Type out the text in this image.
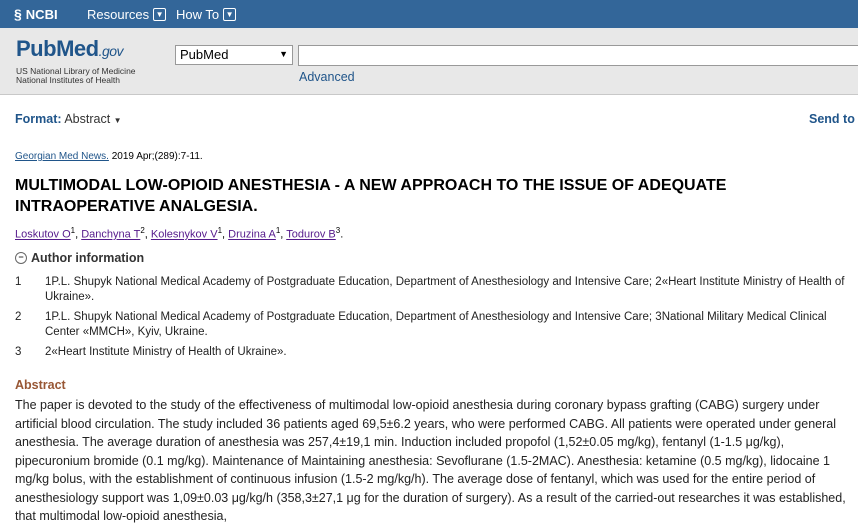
§ NCBI Resources ▼ How To ▼
PubMed.gov
US National Library of Medicine
National Institutes of Health
PubMed	▼
Advanced
Format: Abstract ▼	Send to
Georgian Med News. 2019 Apr;(289):7-11.
MULTIMODAL LOW-OPIOID ANESTHESIA - A NEW APPROACH TO THE ISSUE OF ADEQUATE INTRAOPERATIVE ANALGESIA.
Loskutov $O^1$, Danchyna $T^2$, Kolesnykov $V^1$, Druzina $A^1$, Todurov $B^3$.
− Author information
1 1P.L. Shupyk National Medical Academy of Postgraduate Education, Department of Anesthesiology and Intensive Care; 2«Heart Institute Ministry of Health of Ukraine».
2 1P.L. Shupyk National Medical Academy of Postgraduate Education, Department of Anesthesiology and Intensive Care; 3National Military Medical Clinical Center «MMCH», Kyiv, Ukraine.
3 2«Heart Institute Ministry of Health of Ukraine».
Abstract
The paper is devoted to the study of the effectiveness of multimodal low-opioid anesthesia during coronary bypass grafting (CABG) surgery under artificial blood circulation. The study included 36 patients aged 69,5±6.2 years, who were performed CABG. All patients were operated under general anesthesia. The average duration of anesthesia was 257,4±19,1 min. Induction included propofol (1,52±0.05 mg/kg), fentanyl (1-1.5 μg/kg), pipecuronium bromide (0.1 mg/kg). Maintenance of Maintaining anesthesia: Sevoflurane (1.5-2MAC). Anesthesia: ketamine (0.5 mg/kg), lidocaine 1 mg/kg bolus, with the establishment of continuous infusion (1.5-2 mg/kg/h). The average dose of fentanyl, which was used for the entire period of anesthesiology support was 1,09±0.03 μg/kg/h (358,3±27,1 μg for the duration of surgery). As a result of the carried-out researches it was established, that multimodal low-opioid anesthesia,
